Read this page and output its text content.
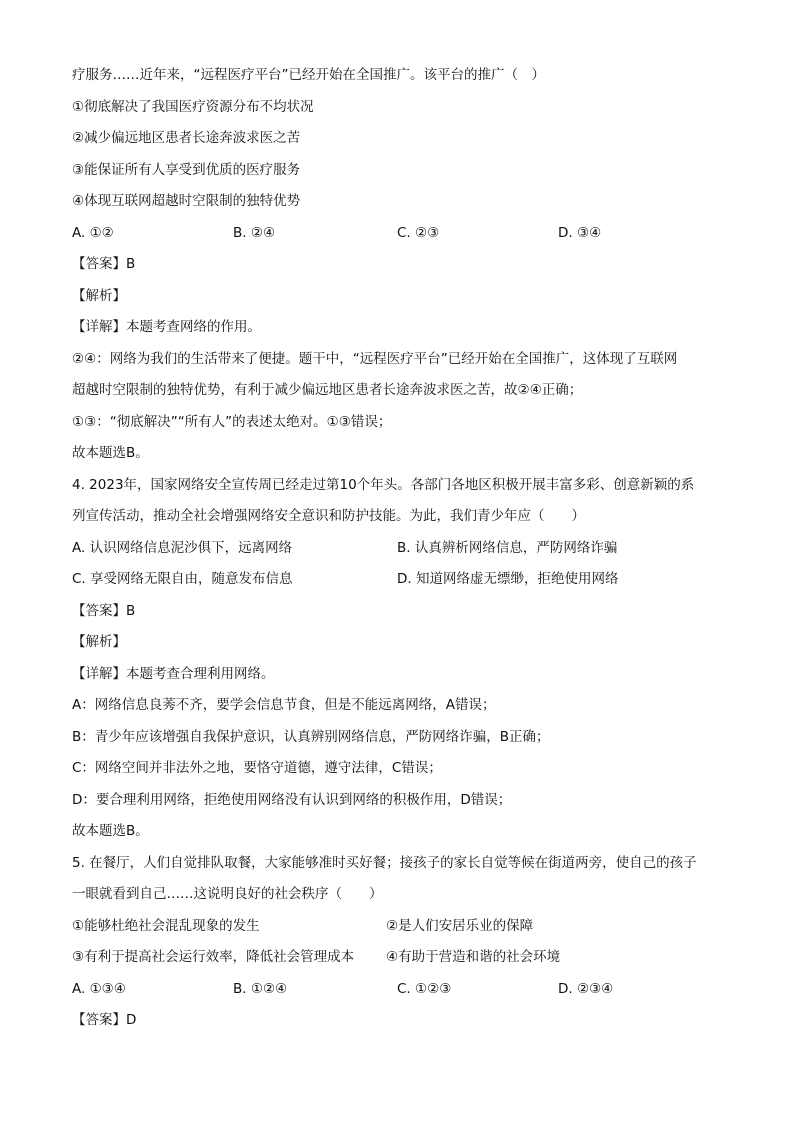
疗服务……近年来，“远程医疗平台”已经开始在全国推广。该平台的推广（　）
①彻底解决了我国医疗资源分布不均状况
②减少偏远地区患者长途奔波求医之苦
③能保证所有人享受到优质的医疗服务
④体现互联网超越时空限制的独特优势
A. ①②	B. ②④	C. ②③	D. ③④
【答案】B
【解析】
【详解】本题考查网络的作用。
②④：网络为我们的生活带来了便捷。题干中，“远程医疗平台”已经开始在全国推广，这体现了互联网
超越时空限制的独特优势，有利于减少偏远地区患者长途奔波求医之苦，故②④正确；
①③：“彻底解决”“所有人”的表述太绝对。①③错误；
故本题选B。
4. 2023年，国家网络安全宣传周已经走过第10个年头。各部门各地区积极开展丰富多彩、创意新颖的系
列宣传活动，推动全社会增强网络安全意识和防护技能。为此，我们青少年应（　　）
A. 认识网络信息泥沙俱下，远离网络	B. 认真辨析网络信息，严防网络诈骗
C. 享受网络无限自由，随意发布信息	D. 知道网络虚无缥缈，拒绝使用网络
【答案】B
【解析】
【详解】本题考查合理利用网络。
A：网络信息良莠不齐，要学会信息节食，但是不能远离网络，A错误；
B：青少年应该增强自我保护意识，认真辨别网络信息，严防网络诈骗，B正确；
C：网络空间并非法外之地，要恪守道德，遵守法律，C错误；
D：要合理利用网络，拒绝使用网络没有认识到网络的积极作用，D错误；
故本题选B。
5. 在餐厅，人们自觉排队取餐，大家能够准时买好餐；接孩子的家长自觉等候在街道两旁，使自己的孩子
一眼就看到自己……这说明良好的社会秩序（　　）
①能够杜绝社会混乱现象的发生	②是人们安居乐业的保障
③有利于提高社会运行效率，降低社会管理成本 ④有助于营造和谐的社会环境
A. ①③④	B. ①②④	C. ①②③	D. ②③④
【答案】D
